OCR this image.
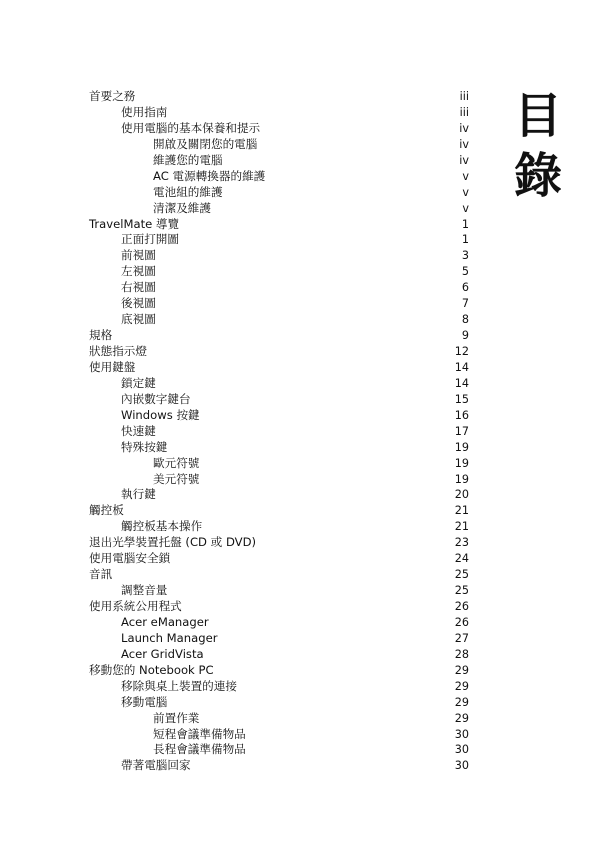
目
錄
首要之務	iii
使用指南	iii
使用電腦的基本保養和提示	iv
開啟及關閉您的電腦	iv
維護您的電腦	iv
AC 電源轉換器的維護	v
電池組的維護	v
清潔及維護	v
TravelMate 導覽	1
正面打開圖	1
前視圖	3
左視圖	5
右視圖	6
後視圖	7
底視圖	8
規格	9
狀態指示燈	12
使用鍵盤	14
鎖定鍵	14
內嵌數字鍵台	15
Windows 按鍵	16
快速鍵	17
特殊按鍵	19
歐元符號	19
美元符號	19
執行鍵	20
觸控板	21
觸控板基本操作	21
退出光學裝置托盤 (CD 或 DVD)	23
使用電腦安全鎖	24
音訊	25
調整音量	25
使用系統公用程式	26
Acer eManager	26
Launch Manager	27
Acer GridVista	28
移動您的 Notebook PC	29
移除與桌上裝置的連接	29
移動電腦	29
前置作業	29
短程會議準備物品	30
長程會議準備物品	30
帶著電腦回家	30
